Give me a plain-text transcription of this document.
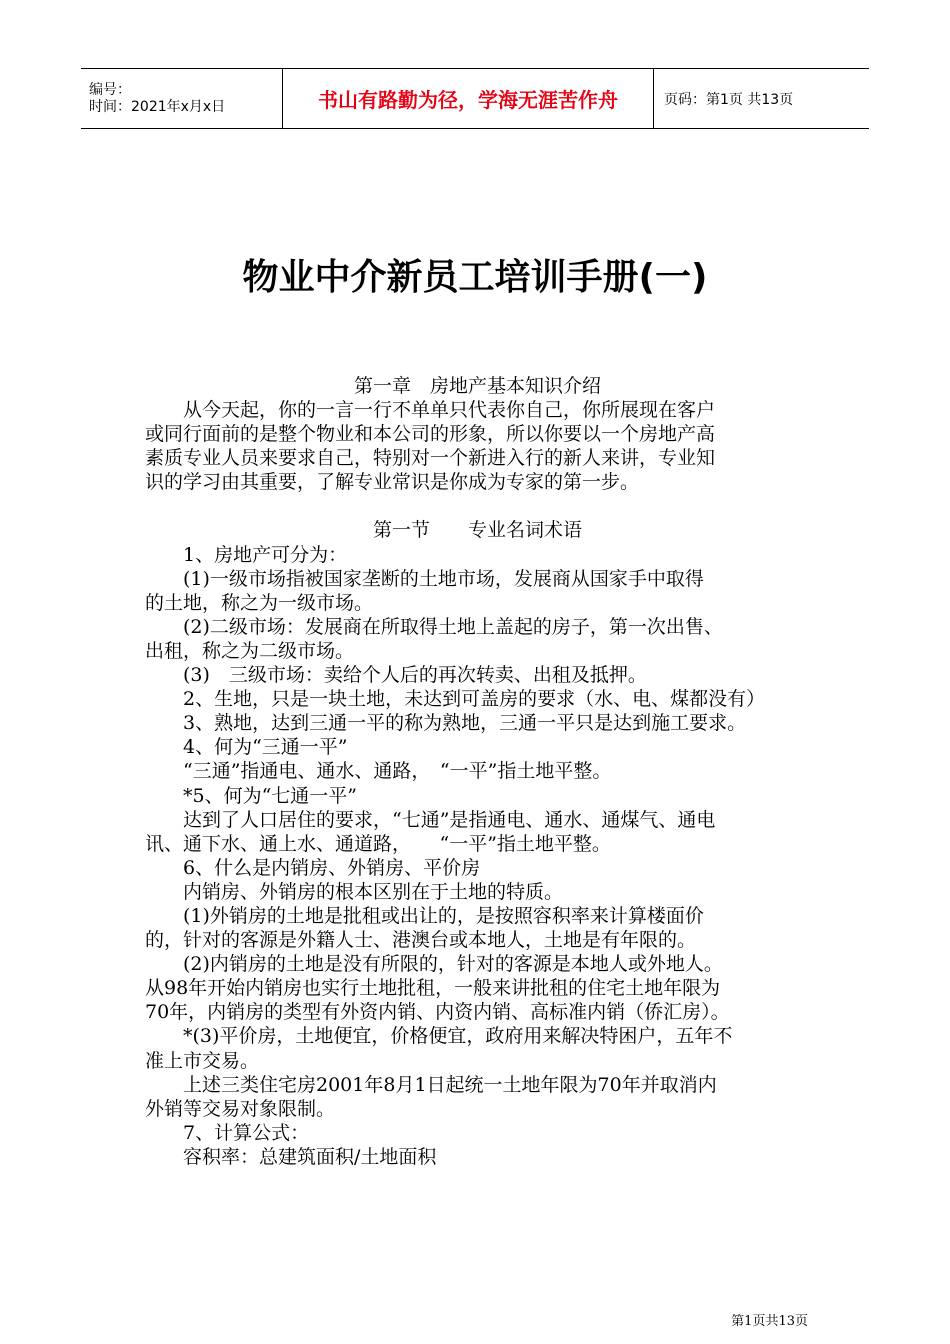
编号：
时间：2021年x月x日	书山有路勤为径，学海无涯苦作舟	页码：第1页 共13页
物业中介新员工培训手册(一)
第一章　房地产基本知识介绍
　　从今天起，你的一言一行不单单只代表你自己，你所展现在客户
或同行面前的是整个物业和本公司的形象，所以你要以一个房地产高
素质专业人员来要求自己，特别对一个新进入行的新人来讲，专业知
识的学习由其重要，了解专业常识是你成为专家的第一步。
第一节　　专业名词术语
　　1、房地产可分为：
　　(1)一级市场指被国家垄断的土地市场，发展商从国家手中取得
的土地，称之为一级市场。
　　(2)二级市场：发展商在所取得土地上盖起的房子，第一次出售、
出租，称之为二级市场。
　　(3)　三级市场：卖给个人后的再次转卖、出租及抵押。
　　2、生地，只是一块土地，未达到可盖房的要求（水、电、煤都没有）
　　3、熟地，达到三通一平的称为熟地，三通一平只是达到施工要求。
　　4、何为“三通一平”
　　“三通”指通电、通水、通路，　“一平”指土地平整。
　　*5、何为“七通一平”
　　达到了人口居住的要求，“七通”是指通电、通水、通煤气、通电
讯、通下水、通上水、通道路，　　“一平”指土地平整。
　　6、什么是内销房、外销房、平价房
　　内销房、外销房的根本区别在于土地的特质。
　　(1)外销房的土地是批租或出让的，是按照容积率来计算楼面价
的，针对的客源是外籍人士、港澳台或本地人，土地是有年限的。
　　(2)内销房的土地是没有所限的，针对的客源是本地人或外地人。
从98年开始内销房也实行土地批租，一般来讲批租的住宅土地年限为
70年，内销房的类型有外资内销、内资内销、高标准内销（侨汇房）。
　　*(3)平价房，土地便宜，价格便宜，政府用来解决特困户，五年不
准上市交易。
　　上述三类住宅房2001年8月1日起统一土地年限为70年并取消内
外销等交易对象限制。
　　7、计算公式：
　　容积率：总建筑面积/土地面积
第1页共13页
